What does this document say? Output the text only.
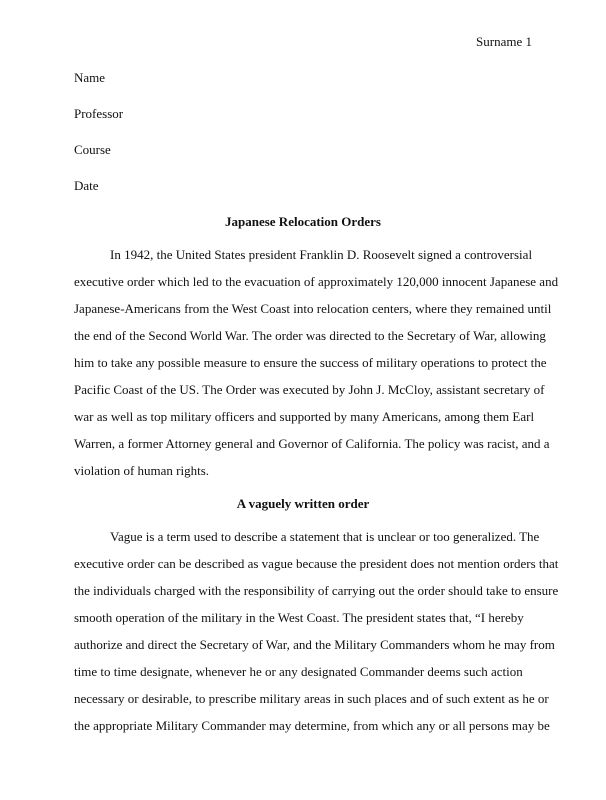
Surname 1
Name
Professor
Course
Date
Japanese Relocation Orders
In 1942, the United States president Franklin D. Roosevelt signed a controversial
executive order which led to the evacuation of approximately 120,000 innocent Japanese and
Japanese-Americans from the West Coast into relocation centers, where they remained until
the end of the Second World War. The order was directed to the Secretary of War, allowing
him to take any possible measure to ensure the success of military operations to protect the
Pacific Coast of the US. The Order was executed by John J. McCloy, assistant secretary of
war as well as top military officers and supported by many Americans, among them Earl
Warren, a former Attorney general and Governor of California. The policy was racist, and a
violation of human rights.
A vaguely written order
Vague is a term used to describe a statement that is unclear or too generalized. The
executive order can be described as vague because the president does not mention orders that
the individuals charged with the responsibility of carrying out the order should take to ensure
smooth operation of the military in the West Coast. The president states that, “I hereby
authorize and direct the Secretary of War, and the Military Commanders whom he may from
time to time designate, whenever he or any designated Commander deems such action
necessary or desirable, to prescribe military areas in such places and of such extent as he or
the appropriate Military Commander may determine, from which any or all persons may be
